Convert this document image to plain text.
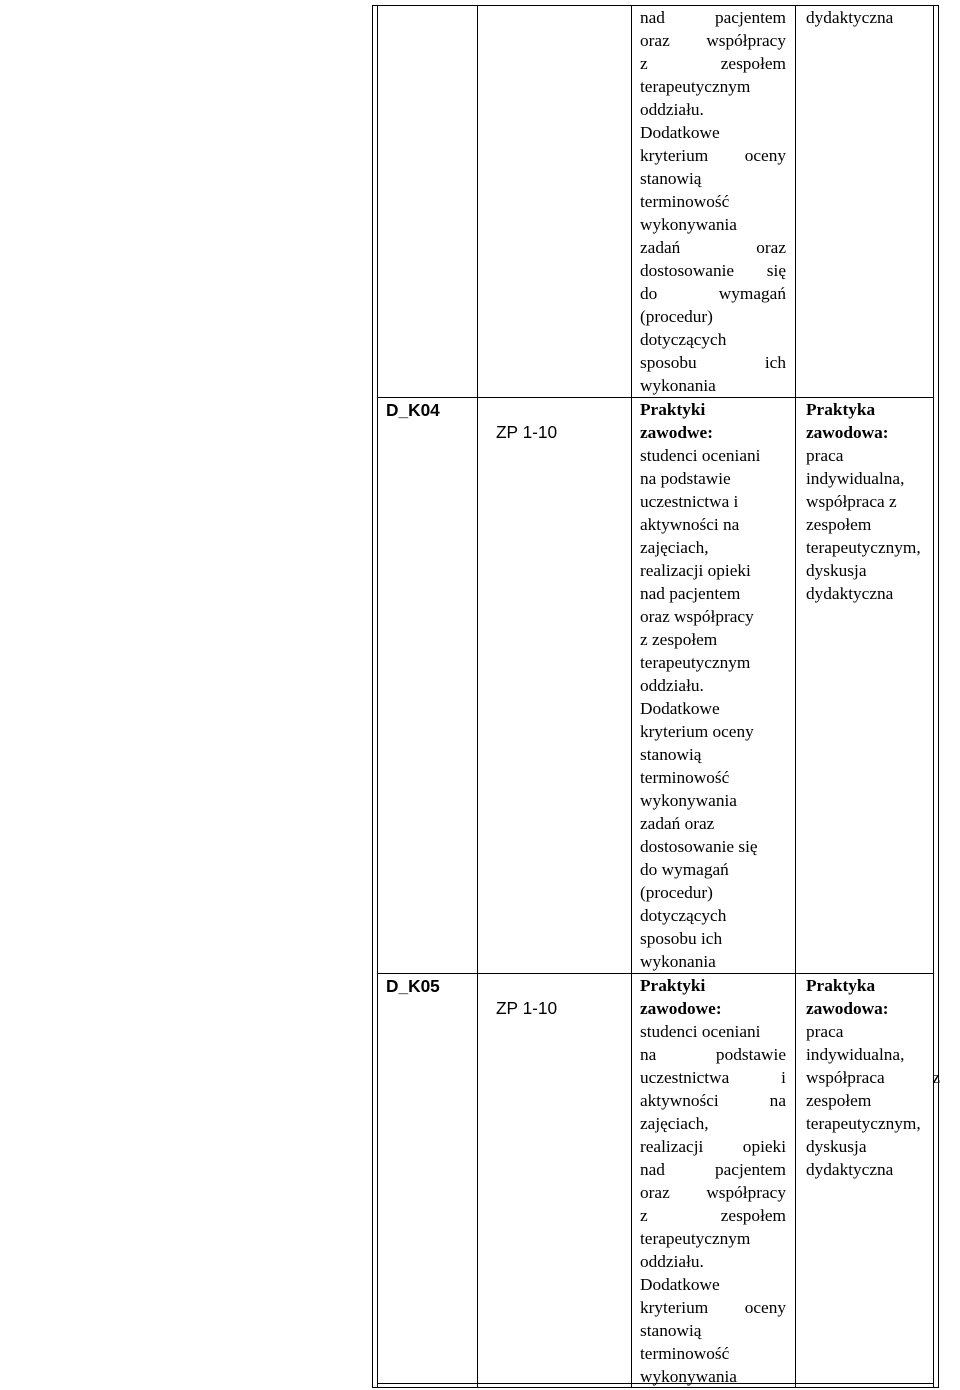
nad pacjentem
oraz współpracy
z zespołem
terapeutycznym
oddziału.
Dodatkowe
kryterium oceny
stanowią
terminowość
wykonywania
zadań oraz
dostosowanie się
do wymagań
(procedur)
dotyczących
sposobu ich
wykonania
dydaktyczna
D_K04
ZP 1-10
Praktyki
zawodwe:
studenci oceniani
na podstawie
uczestnictwa i
aktywności na
zajęciach,
realizacji opieki
nad pacjentem
oraz współpracy
z zespołem
terapeutycznym
oddziału.
Dodatkowe
kryterium oceny
stanowią
terminowość
wykonywania
zadań oraz
dostosowanie się
do wymagań
(procedur)
dotyczących
sposobu ich
wykonania
Praktyka
zawodowa:
praca
indywidualna,
współpraca z
zespołem
terapeutycznym,
dyskusja
dydaktyczna
D_K05
ZP 1-10
Praktyki
zawodowe:
studenci oceniani
na podstawie
uczestnictwa i
aktywności na
zajęciach,
realizacji opieki
nad pacjentem
oraz współpracy
z zespołem
terapeutycznym
oddziału.
Dodatkowe
kryterium oceny
stanowią
terminowość
wykonywania
Praktyka
zawodowa:
praca
indywidualna,
współpraca z
zespołem
terapeutycznym,
dyskusja
dydaktyczna
